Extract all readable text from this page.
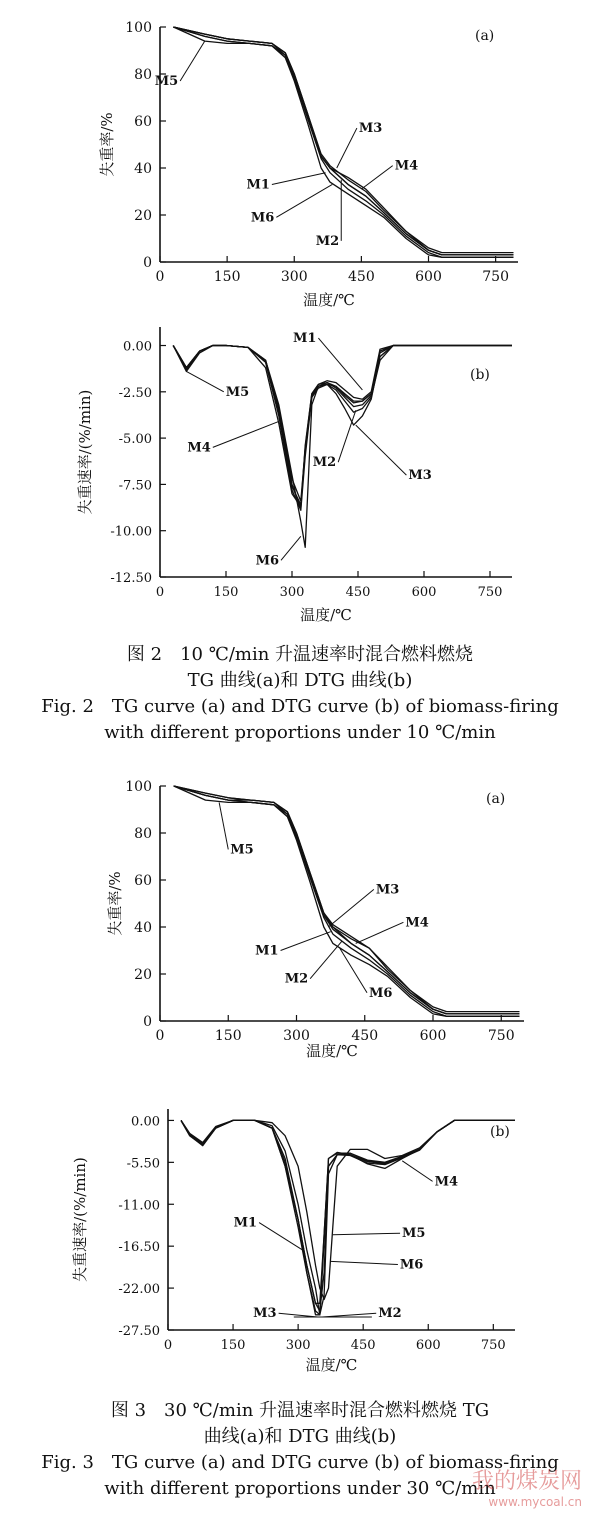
0	150	300	450	600	750
0
20
40
60
80
100
温度/℃
失重率/%
(a)
M5
M3
M4
M1
M6
M2
0	150	300	450	600	750
0.00
-2.50
-5.00
-7.50
-10.00
-12.50
温度/℃
失重速率/(%/min)
(b)
M1
M5
M4
M2
M3
M6
图 2　10 ℃/min 升温速率时混合燃料燃烧
TG 曲线(a)和 DTG 曲线(b)
Fig. 2　TG curve (a) and DTG curve (b) of biomass-firing
with different proportions under 10 ℃/min
0	150	300	450	600	750
0
20
40
60
80
100
温度/℃
失重率/%
(a)
M5
M3
M4
M1
M2
M6
0	150	300	450	600	750
0.00
-5.50
-11.00
-16.50
-22.00
-27.50
温度/℃
失重速率/(%/min)
(b)
M4
M1
M5
M6
M3	M2
图 3　30 ℃/min 升温速率时混合燃料燃烧 TG
曲线(a)和 DTG 曲线(b)
Fig. 3　TG curve (a) and DTG curve (b) of biomass-firing
with different proportions under 30 ℃/min
我的煤炭网
www.mycoal.cn
